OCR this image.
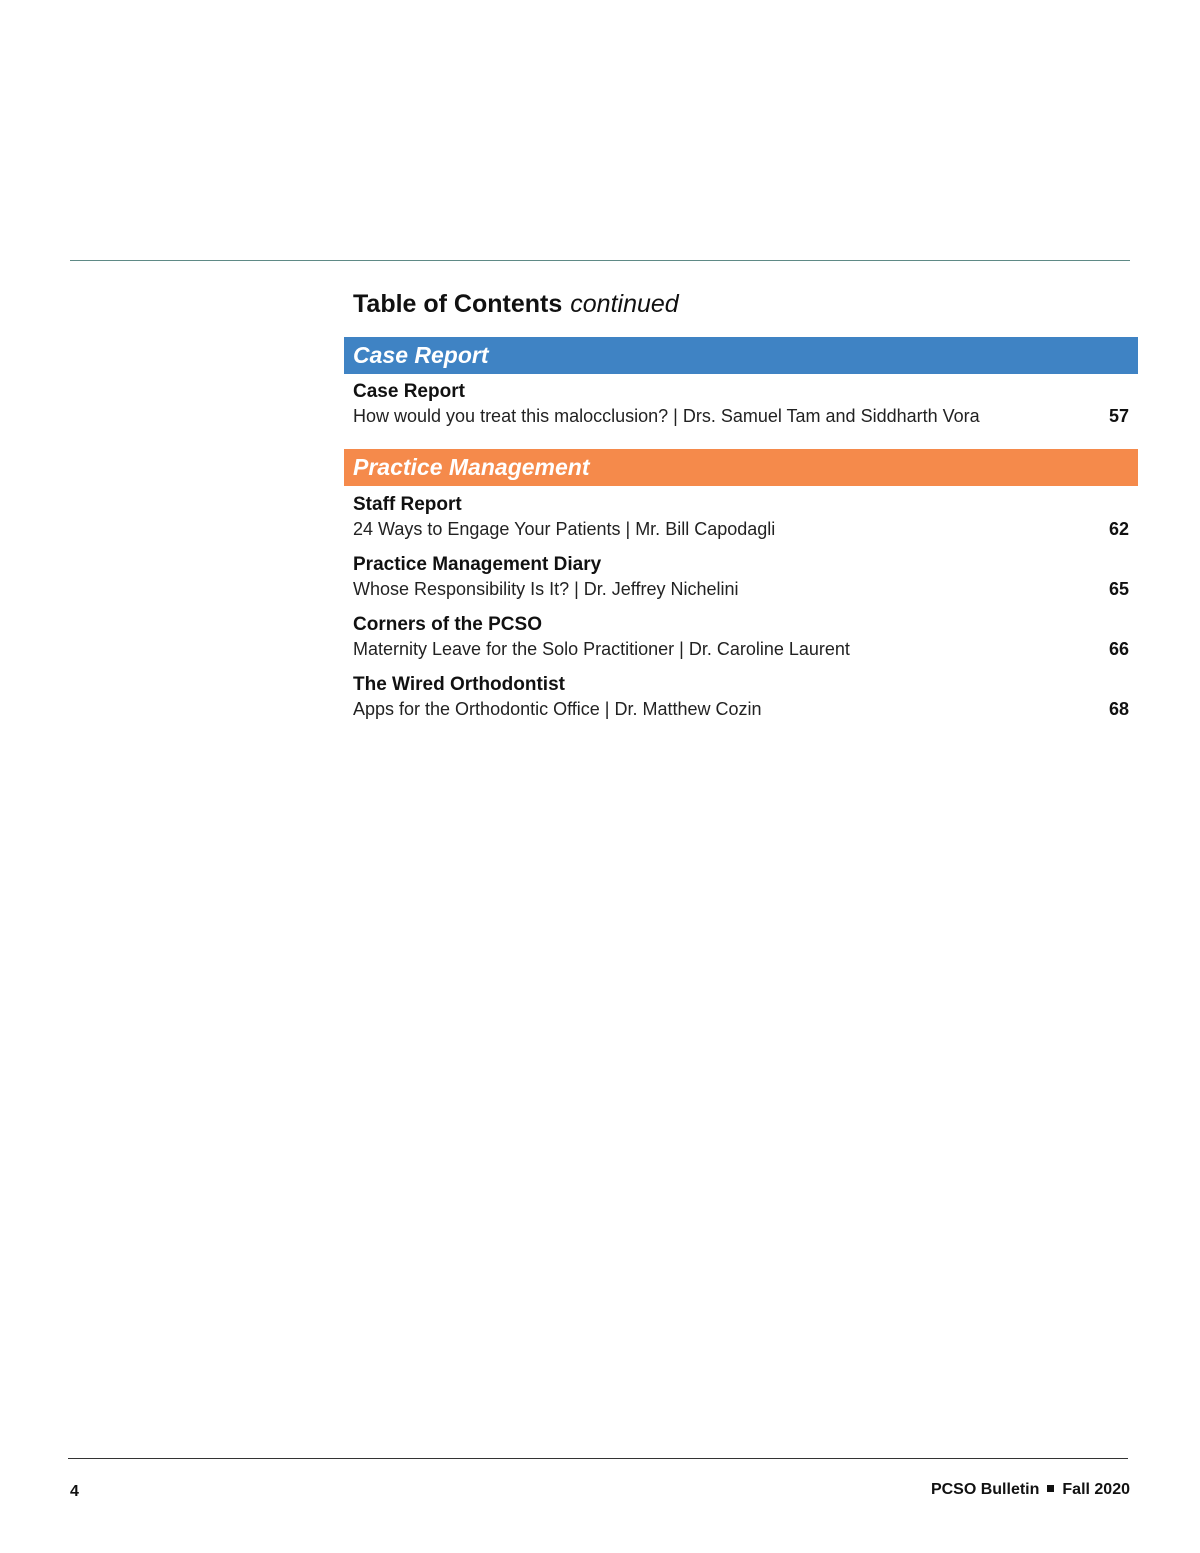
Table of Contents continued
Case Report
Case Report
How would you treat this malocclusion? | Drs. Samuel Tam and Siddharth Vora	57
Practice Management
Staff Report
24 Ways to Engage Your Patients | Mr. Bill Capodagli	62
Practice Management Diary
Whose Responsibility Is It? | Dr. Jeffrey Nichelini	65
Corners of the PCSO
Maternity Leave for the Solo Practitioner | Dr. Caroline Laurent	66
The Wired Orthodontist
Apps for the Orthodontic Office | Dr. Matthew Cozin	68
4	PCSO Bulletin Fall 2020
